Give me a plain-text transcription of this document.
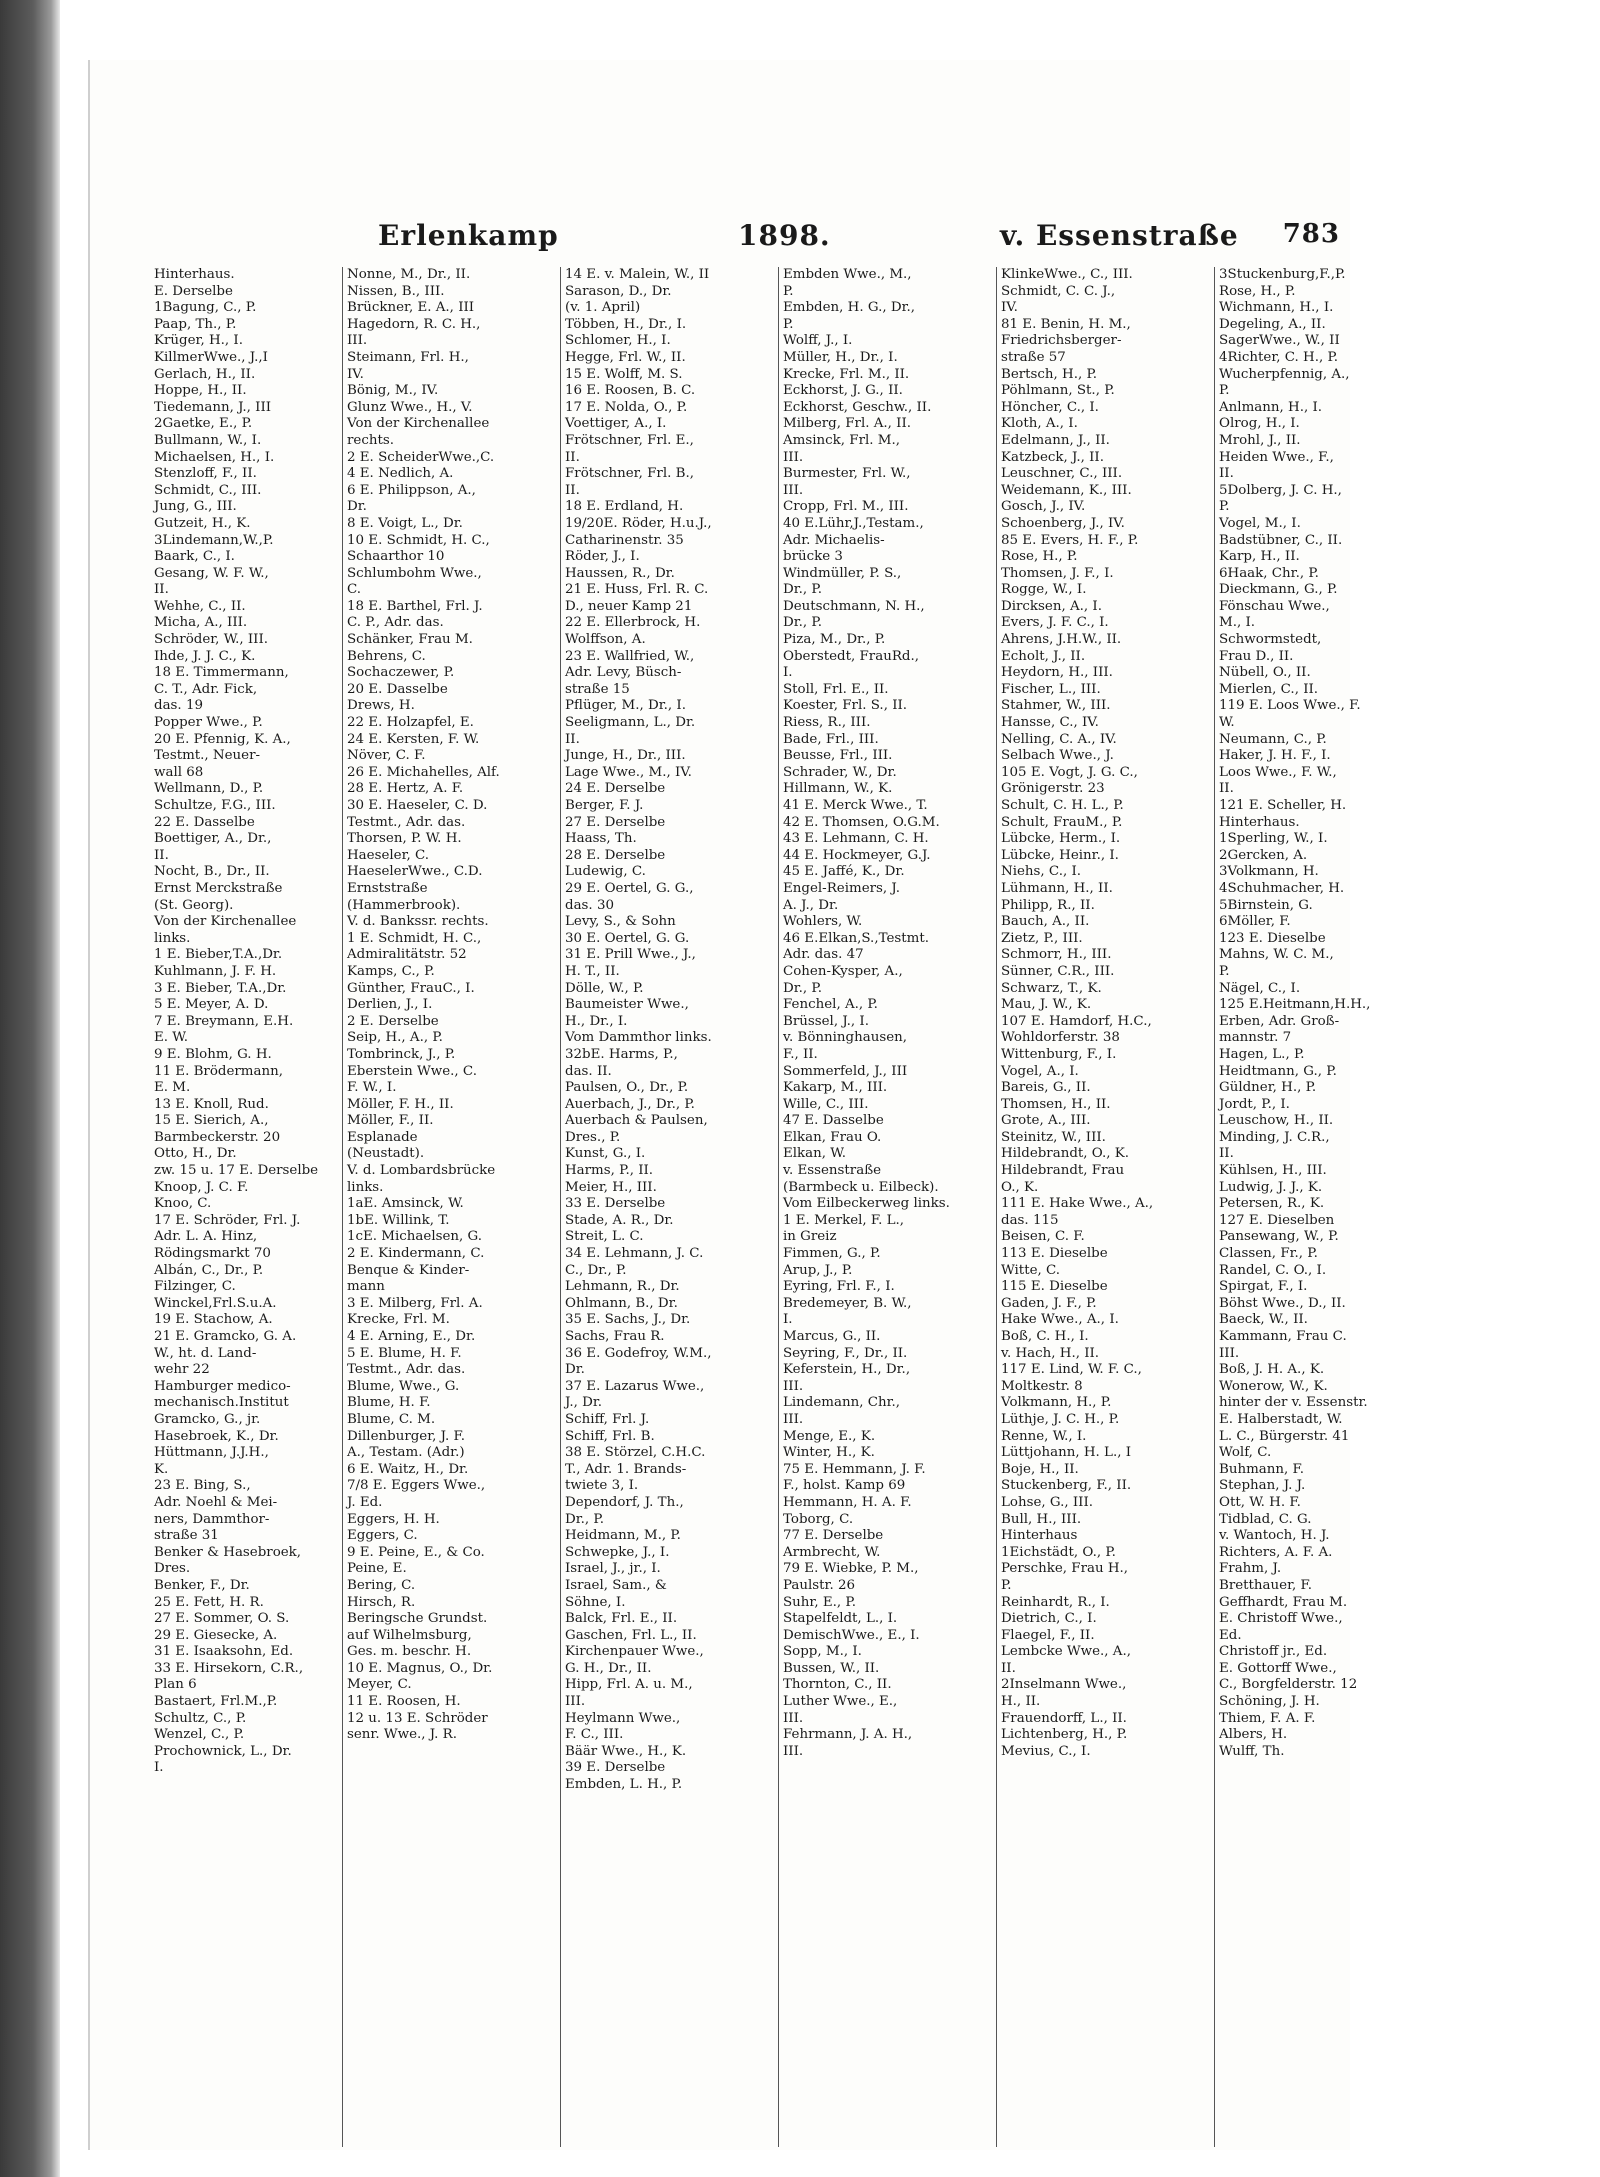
Erlenkamp	1898.	v. Essenstraße 783
Hinterhaus.
E. Derselbe
1Bagung, C., P.
Paap, Th., P.
Krüger, H., I.
KillmerWwe., J.,I
Gerlach, H., II.
Hoppe, H., II.
Tiedemann, J., III
2Gaetke, E., P.
Bullmann, W., I.
Michaelsen, H., I.
Stenzloff, F., II.
Schmidt, C., III.
Jung, G., III.
Gutzeit, H., K.
3Lindemann,W.,P.
Baark, C., I.
Gesang, W. F. W.,
II.
Wehhe, C., II.
Micha, A., III.
Schröder, W., III.
Ihde, J. J. C., K.
18 E. Timmermann,
C. T., Adr. Fick,
das. 19
Popper Wwe., P.
20 E. Pfennig, K. A.,
Testmt., Neuer-
wall 68
Wellmann, D., P.
Schultze, F.G., III.
22 E. Dasselbe
Boettiger, A., Dr.,
II.
Nocht, B., Dr., II.
Ernst Merckstraße
(St. Georg).
Von der Kirchenallee
links.
1 E. Bieber,T.A.,Dr.
Kuhlmann, J. F. H.
3 E. Bieber, T.A.,Dr.
5 E. Meyer, A. D.
7 E. Breymann, E.H.
E. W.
9 E. Blohm, G. H.
11 E. Brödermann,
E. M.
13 E. Knoll, Rud.
15 E. Sierich, A.,
Barmbeckerstr. 20
Otto, H., Dr.
zw. 15 u. 17 E. Derselbe
Knoop, J. C. F.
Knoo, C.
17 E. Schröder, Frl. J.
Adr. L. A. Hinz,
Rödingsmarkt 70
Albán, C., Dr., P.
Filzinger, C.
Winckel,Frl.S.u.A.
19 E. Stachow, A.
21 E. Gramcko, G. A.
W., ht. d. Land-
wehr 22
Hamburger medico-
mechanisch.Institut
Gramcko, G., jr.
Hasebroek, K., Dr.
Hüttmann, J.J.H.,
K.
23 E. Bing, S.,
Adr. Noehl & Mei-
ners, Dammthor-
straße 31
Benker & Hasebroek,
Dres.
Benker, F., Dr.
25 E. Fett, H. R.
27 E. Sommer, O. S.
29 E. Giesecke, A.
31 E. Isaaksohn, Ed.
33 E. Hirsekorn, C.R.,
Plan 6
Bastaert, Frl.M.,P.
Schultz, C., P.
Wenzel, C., P.
Prochownick, L., Dr.
I.
Nonne, M., Dr., II.
Nissen, B., III.
Brückner, E. A., III
Hagedorn, R. C. H.,
III.
Steimann, Frl. H.,
IV.
Bönig, M., IV.
Glunz Wwe., H., V.
Von der Kirchenallee
rechts.
2 E. ScheiderWwe.,C.
4 E. Nedlich, A.
6 E. Philippson, A.,
Dr.
8 E. Voigt, L., Dr.
10 E. Schmidt, H. C.,
Schaarthor 10
Schlumbohm Wwe.,
C.
18 E. Barthel, Frl. J.
C. P., Adr. das.
Schänker, Frau M.
Behrens, C.
Sochaczewer, P.
20 E. Dasselbe
Drews, H.
22 E. Holzapfel, E.
24 E. Kersten, F. W.
Növer, C. F.
26 E. Michahelles, Alf.
28 E. Hertz, A. F.
30 E. Haeseler, C. D.
Testmt., Adr. das.
Thorsen, P. W. H.
Haeseler, C.
HaeselerWwe., C.D.
Ernststraße
(Hammerbrook).
V. d. Bankssr. rechts.
1 E. Schmidt, H. C.,
Admiralitätstr. 52
Kamps, C., P.
Günther, FrauC., I.
Derlien, J., I.
2 E. Derselbe
Seip, H., A., P.
Tombrinck, J., P.
Eberstein Wwe., C.
F. W., I.
Möller, F. H., II.
Möller, F., II.
Esplanade
(Neustadt).
V. d. Lombardsbrücke
links.
1aE. Amsinck, W.
1bE. Willink, T.
1cE. Michaelsen, G.
2 E. Kindermann, C.
Benque & Kinder-
mann
3 E. Milberg, Frl. A.
Krecke, Frl. M.
4 E. Arning, E., Dr.
5 E. Blume, H. F.
Testmt., Adr. das.
Blume, Wwe., G.
Blume, H. F.
Blume, C. M.
Dillenburger, J. F.
A., Testam. (Adr.)
6 E. Waitz, H., Dr.
7/8 E. Eggers Wwe.,
J. Ed.
Eggers, H. H.
Eggers, C.
9 E. Peine, E., & Co.
Peine, E.
Bering, C.
Hirsch, R.
Beringsche Grundst.
auf Wilhelmsburg,
Ges. m. beschr. H.
10 E. Magnus, O., Dr.
Meyer, C.
11 E. Roosen, H.
12 u. 13 E. Schröder
senr. Wwe., J. R.
14 E. v. Malein, W., II
Sarason, D., Dr.
(v. 1. April)
Többen, H., Dr., I.
Schlomer, H., I.
Hegge, Frl. W., II.
15 E. Wolff, M. S.
16 E. Roosen, B. C.
17 E. Nolda, O., P.
Voettiger, A., I.
Frötschner, Frl. E.,
II.
Frötschner, Frl. B.,
II.
18 E. Erdland, H.
19/20E. Röder, H.u.J.,
Catharinenstr. 35
Röder, J., I.
Haussen, R., Dr.
21 E. Huss, Frl. R. C.
D., neuer Kamp 21
22 E. Ellerbrock, H.
Wolffson, A.
23 E. Wallfried, W.,
Adr. Levy, Büsch-
straße 15
Pflüger, M., Dr., I.
Seeligmann, L., Dr.
II.
Junge, H., Dr., III.
Lage Wwe., M., IV.
24 E. Derselbe
Berger, F. J.
27 E. Derselbe
Haass, Th.
28 E. Derselbe
Ludewig, C.
29 E. Oertel, G. G.,
das. 30
Levy, S., & Sohn
30 E. Oertel, G. G.
31 E. Prill Wwe., J.,
H. T., II.
Dölle, W., P.
Baumeister Wwe.,
H., Dr., I.
Vom Dammthor links.
32bE. Harms, P.,
das. II.
Paulsen, O., Dr., P.
Auerbach, J., Dr., P.
Auerbach & Paulsen,
Dres., P.
Kunst, G., I.
Harms, P., II.
Meier, H., III.
33 E. Derselbe
Stade, A. R., Dr.
Streit, L. C.
34 E. Lehmann, J. C.
C., Dr., P.
Lehmann, R., Dr.
Ohlmann, B., Dr.
35 E. Sachs, J., Dr.
Sachs, Frau R.
36 E. Godefroy, W.M.,
Dr.
37 E. Lazarus Wwe.,
J., Dr.
Schiff, Frl. J.
Schiff, Frl. B.
38 E. Störzel, C.H.C.
T., Adr. 1. Brands-
twiete 3, I.
Dependorf, J. Th.,
Dr., P.
Heidmann, M., P.
Schwepke, J., I.
Israel, J., jr., I.
Israel, Sam., &
Söhne, I.
Balck, Frl. E., II.
Gaschen, Frl. L., II.
Kirchenpauer Wwe.,
G. H., Dr., II.
Hipp, Frl. A. u. M.,
III.
Heylmann Wwe.,
F. C., III.
Bäär Wwe., H., K.
39 E. Derselbe
Embden, L. H., P.
Embden Wwe., M.,
P.
Embden, H. G., Dr.,
P.
Wolff, J., I.
Müller, H., Dr., I.
Krecke, Frl. M., II.
Eckhorst, J. G., II.
Eckhorst, Geschw., II.
Milberg, Frl. A., II.
Amsinck, Frl. M.,
III.
Burmester, Frl. W.,
III.
Cropp, Frl. M., III.
40 E.Lühr,J.,Testam.,
Adr. Michaelis-
brücke 3
Windmüller, P. S.,
Dr., P.
Deutschmann, N. H.,
Dr., P.
Piza, M., Dr., P.
Oberstedt, FrauRd.,
I.
Stoll, Frl. E., II.
Koester, Frl. S., II.
Riess, R., III.
Bade, Frl., III.
Beusse, Frl., III.
Schrader, W., Dr.
Hillmann, W., K.
41 E. Merck Wwe., T.
42 E. Thomsen, O.G.M.
43 E. Lehmann, C. H.
44 E. Hockmeyer, G.J.
45 E. Jaffé, K., Dr.
Engel-Reimers, J.
A. J., Dr.
Wohlers, W.
46 E.Elkan,S.,Testmt.
Adr. das. 47
Cohen-Kysper, A.,
Dr., P.
Fenchel, A., P.
Brüssel, J., I.
v. Bönninghausen,
F., II.
Sommerfeld, J., III
Kakarp, M., III.
Wille, C., III.
47 E. Dasselbe
Elkan, Frau O.
Elkan, W.
v. Essenstraße
(Barmbeck u. Eilbeck).
Vom Eilbeckerweg links.
1 E. Merkel, F. L.,
in Greiz
Fimmen, G., P.
Arup, J., P.
Eyring, Frl. F., I.
Bredemeyer, B. W.,
I.
Marcus, G., II.
Seyring, F., Dr., II.
Keferstein, H., Dr.,
III.
Lindemann, Chr.,
III.
Menge, E., K.
Winter, H., K.
75 E. Hemmann, J. F.
F., holst. Kamp 69
Hemmann, H. A. F.
Toborg, C.
77 E. Derselbe
Armbrecht, W.
79 E. Wiebke, P. M.,
Paulstr. 26
Suhr, E., P.
Stapelfeldt, L., I.
DemischWwe., E., I.
Sopp, M., I.
Bussen, W., II.
Thornton, C., II.
Luther Wwe., E.,
III.
Fehrmann, J. A. H.,
III.
KlinkeWwe., C., III.
Schmidt, C. C. J.,
IV.
81 E. Benin, H. M.,
Friedrichsberger-
straße 57
Bertsch, H., P.
Pöhlmann, St., P.
Höncher, C., I.
Kloth, A., I.
Edelmann, J., II.
Katzbeck, J., II.
Leuschner, C., III.
Weidemann, K., III.
Gosch, J., IV.
Schoenberg, J., IV.
85 E. Evers, H. F., P.
Rose, H., P.
Thomsen, J. F., I.
Rogge, W., I.
Dircksen, A., I.
Evers, J. F. C., I.
Ahrens, J.H.W., II.
Echolt, J., II.
Heydorn, H., III.
Fischer, L., III.
Stahmer, W., III.
Hansse, C., IV.
Nelling, C. A., IV.
Selbach Wwe., J.
105 E. Vogt, J. G. C.,
Grönigerstr. 23
Schult, C. H. L., P.
Schult, FrauM., P.
Lübcke, Herm., I.
Lübcke, Heinr., I.
Niehs, C., I.
Lühmann, H., II.
Philipp, R., II.
Bauch, A., II.
Zietz, P., III.
Schmorr, H., III.
Sünner, C.R., III.
Schwarz, T., K.
Mau, J. W., K.
107 E. Hamdorf, H.C.,
Wohldorferstr. 38
Wittenburg, F., I.
Vogel, A., I.
Bareis, G., II.
Thomsen, H., II.
Grote, A., III.
Steinitz, W., III.
Hildebrandt, O., K.
Hildebrandt, Frau
O., K.
111 E. Hake Wwe., A.,
das. 115
Beisen, C. F.
113 E. Dieselbe
Witte, C.
115 E. Dieselbe
Gaden, J. F., P.
Hake Wwe., A., I.
Boß, C. H., I.
v. Hach, H., II.
117 E. Lind, W. F. C.,
Moltkestr. 8
Volkmann, H., P.
Lüthje, J. C. H., P.
Renne, W., I.
Lüttjohann, H. L., I
Boje, H., II.
Stuckenberg, F., II.
Lohse, G., III.
Bull, H., III.
Hinterhaus
1Eichstädt, O., P.
Perschke, Frau H.,
P.
Reinhardt, R., I.
Dietrich, C., I.
Flaegel, F., II.
Lembcke Wwe., A.,
II.
2Inselmann Wwe.,
H., II.
Frauendorff, L., II.
Lichtenberg, H., P.
Mevius, C., I.
3Stuckenburg,F.,P.
Rose, H., P.
Wichmann, H., I.
Degeling, A., II.
SagerWwe., W., II
4Richter, C. H., P.
Wucherpfennig, A.,
P.
Anlmann, H., I.
Olrog, H., I.
Mrohl, J., II.
Heiden Wwe., F.,
II.
5Dolberg, J. C. H.,
P.
Vogel, M., I.
Badstübner, C., II.
Karp, H., II.
6Haak, Chr., P.
Dieckmann, G., P.
Fönschau Wwe.,
M., I.
Schwormstedt,
Frau D., II.
Nübell, O., II.
Mierlen, C., II.
119 E. Loos Wwe., F.
W.
Neumann, C., P.
Haker, J. H. F., I.
Loos Wwe., F. W.,
II.
121 E. Scheller, H.
Hinterhaus.
1Sperling, W., I.
2Gercken, A.
3Volkmann, H.
4Schuhmacher, H.
5Birnstein, G.
6Möller, F.
123 E. Dieselbe
Mahns, W. C. M.,
P.
Nägel, C., I.
125 E.Heitmann,H.H.,
Erben, Adr. Groß-
mannstr. 7
Hagen, L., P.
Heidtmann, G., P.
Güldner, H., P.
Jordt, P., I.
Leuschow, H., II.
Minding, J. C.R.,
II.
Kühlsen, H., III.
Ludwig, J. J., K.
Petersen, R., K.
127 E. Dieselben
Pansewang, W., P.
Classen, Fr., P.
Randel, C. O., I.
Spirgat, F., I.
Böhst Wwe., D., II.
Baeck, W., II.
Kammann, Frau C.
III.
Boß, J. H. A., K.
Wonerow, W., K.
hinter der v. Essenstr.
E. Halberstadt, W.
L. C., Bürgerstr. 41
Wolf, C.
Buhmann, F.
Stephan, J. J.
Ott, W. H. F.
Tidblad, C. G.
v. Wantoch, H. J.
Richters, A. F. A.
Frahm, J.
Bretthauer, F.
Geffhardt, Frau M.
E. Christoff Wwe.,
Ed.
Christoff jr., Ed.
E. Gottorff Wwe.,
C., Borgfelderstr. 12
Schöning, J. H.
Thiem, F. A. F.
Albers, H.
Wulff, Th.
